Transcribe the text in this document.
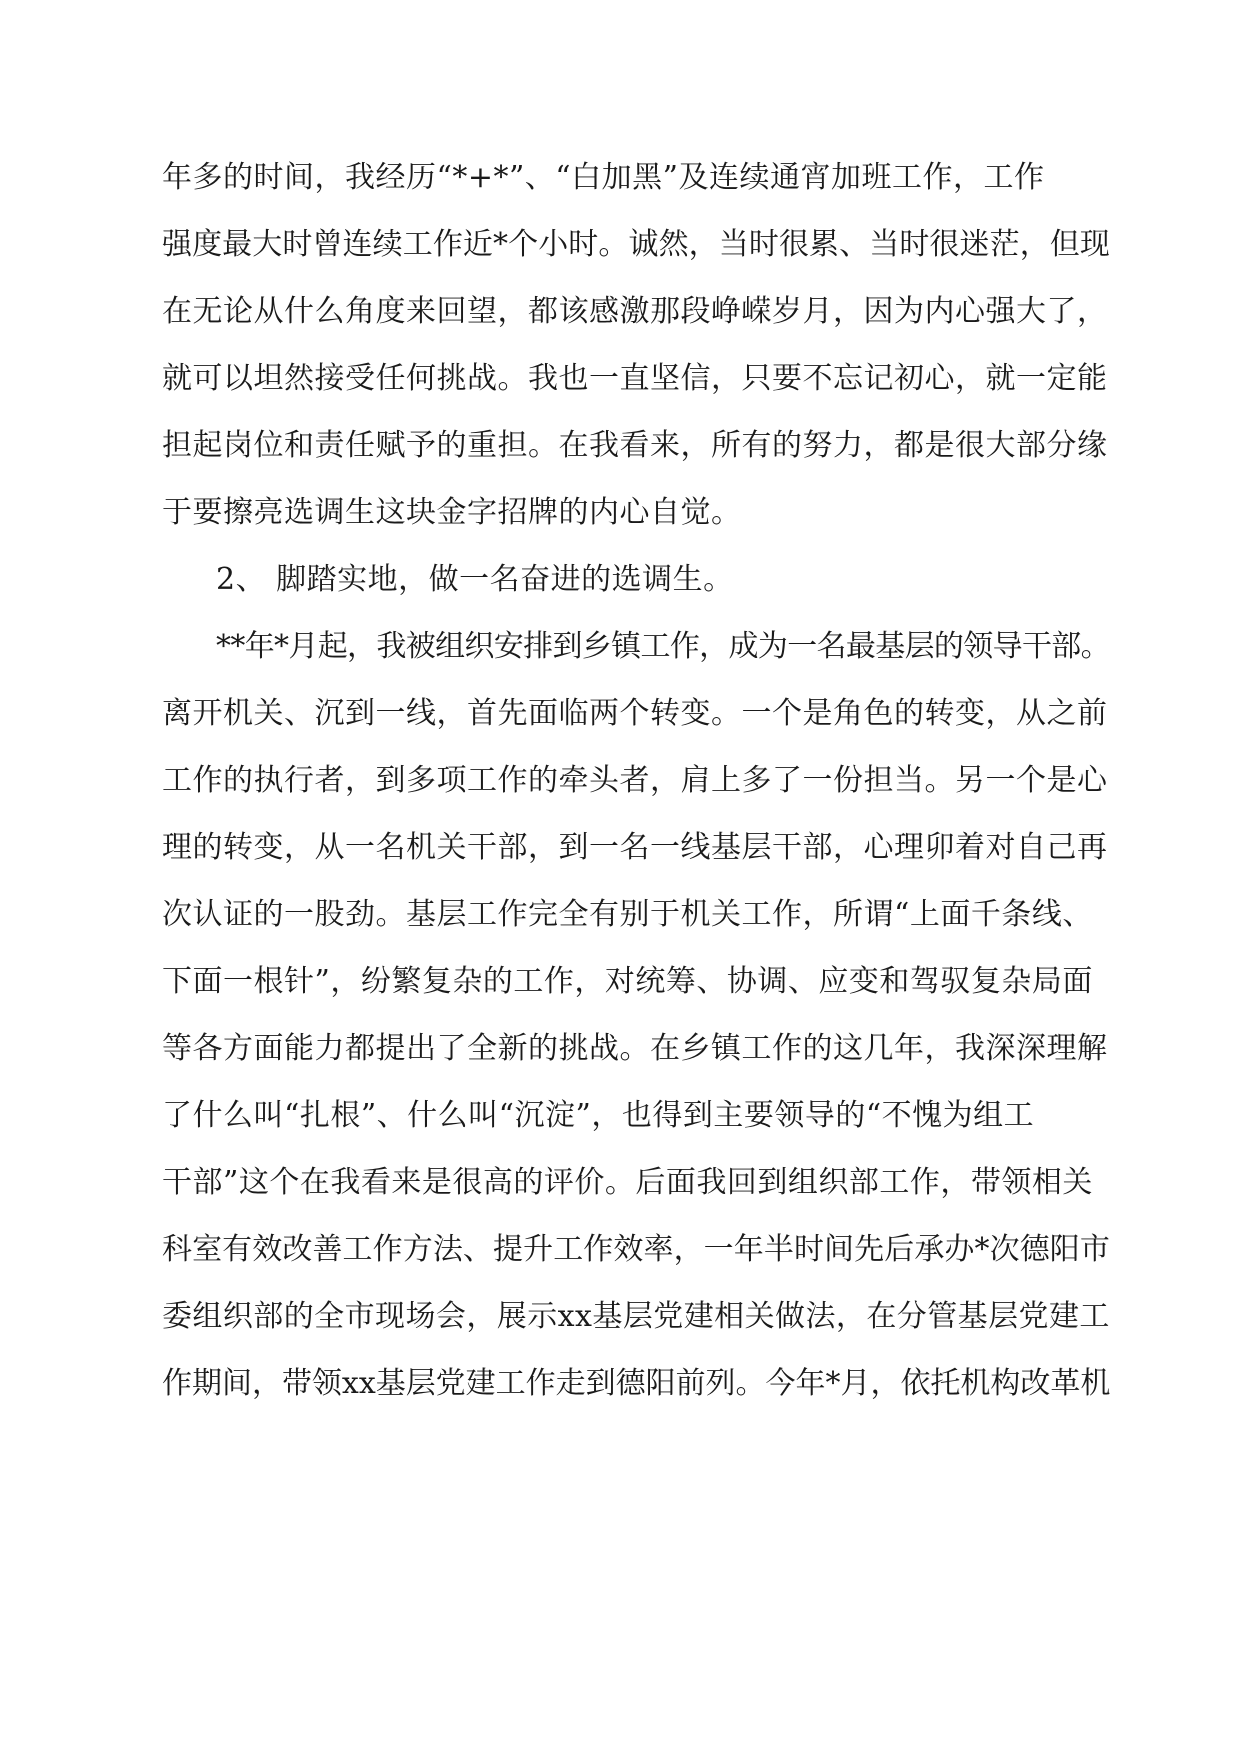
年多的时间，我经历“*+*”、“白加黑”及连续通宵加班工作，工作
强度最大时曾连续工作近*个小时。诚然，当时很累、当时很迷茫，但现
在无论从什么角度来回望，都该感激那段峥嵘岁月，因为内心强大了，
就可以坦然接受任何挑战。我也一直坚信，只要不忘记初心，就一定能
担起岗位和责任赋予的重担。在我看来，所有的努力，都是很大部分缘
于要擦亮选调生这块金字招牌的内心自觉。
2、 脚踏实地，做一名奋进的选调生。
**年*月起，我被组织安排到乡镇工作，成为一名最基层的领导干部。
离开机关、沉到一线，首先面临两个转变。一个是角色的转变，从之前
工作的执行者，到多项工作的牵头者，肩上多了一份担当。另一个是心
理的转变，从一名机关干部，到一名一线基层干部，心理卯着对自己再
次认证的一股劲。基层工作完全有别于机关工作，所谓“上面千条线、
下面一根针”，纷繁复杂的工作，对统筹、协调、应变和驾驭复杂局面
等各方面能力都提出了全新的挑战。在乡镇工作的这几年，我深深理解
了什么叫“扎根”、什么叫“沉淀”，也得到主要领导的“不愧为组工
干部”这个在我看来是很高的评价。后面我回到组织部工作，带领相关
科室有效改善工作方法、提升工作效率，一年半时间先后承办*次德阳市
委组织部的全市现场会，展示xx基层党建相关做法，在分管基层党建工
作期间，带领xx基层党建工作走到德阳前列。今年*月，依托机构改革机
